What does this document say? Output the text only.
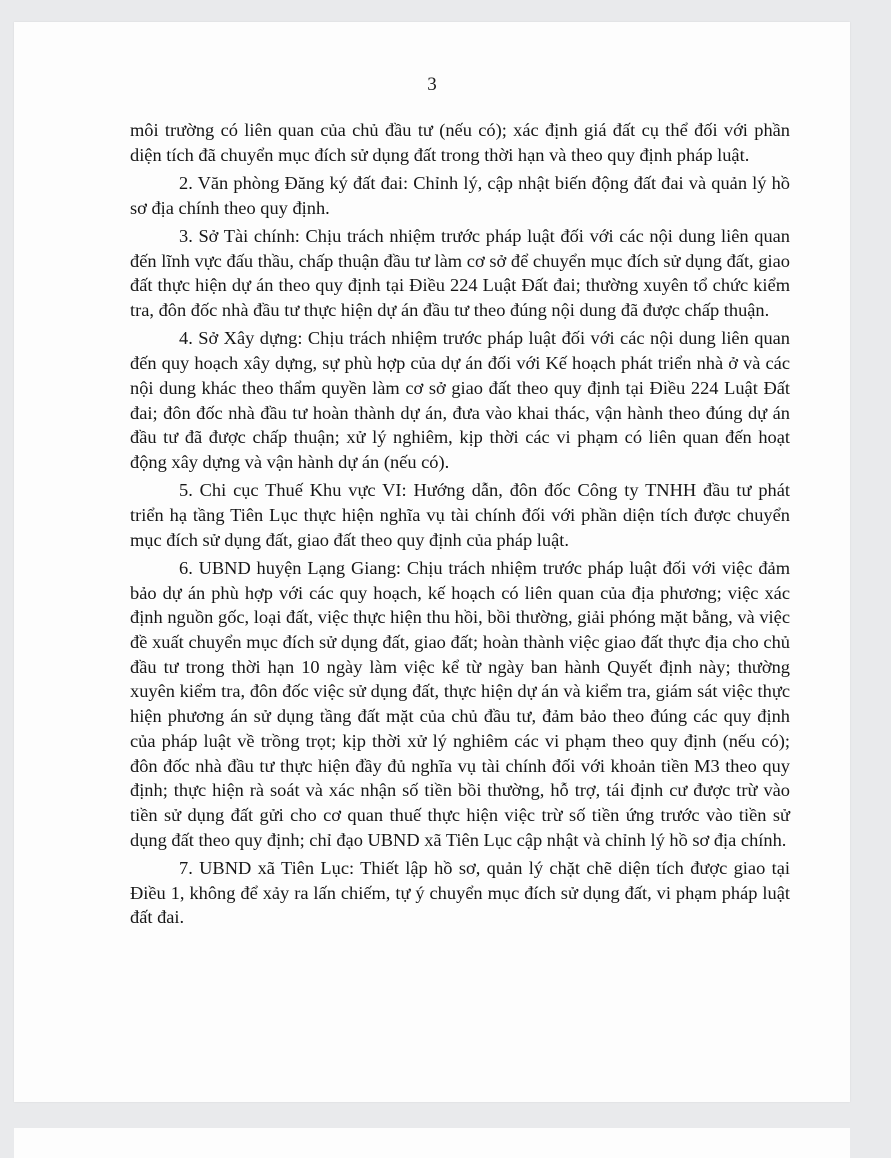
3

môi trường có liên quan của chủ đầu tư (nếu có); xác định giá đất cụ thể đối với phần diện tích đã chuyển mục đích sử dụng đất trong thời hạn và theo quy định pháp luật.

2. Văn phòng Đăng ký đất đai: Chỉnh lý, cập nhật biến động đất đai và quản lý hồ sơ địa chính theo quy định.

3. Sở Tài chính: Chịu trách nhiệm trước pháp luật đối với các nội dung liên quan đến lĩnh vực đấu thầu, chấp thuận đầu tư làm cơ sở để chuyển mục đích sử dụng đất, giao đất thực hiện dự án theo quy định tại Điều 224 Luật Đất đai; thường xuyên tổ chức kiểm tra, đôn đốc nhà đầu tư thực hiện dự án đầu tư theo đúng nội dung đã được chấp thuận.

4. Sở Xây dựng: Chịu trách nhiệm trước pháp luật đối với các nội dung liên quan đến quy hoạch xây dựng, sự phù hợp của dự án đối với Kế hoạch phát triển nhà ở và các nội dung khác theo thẩm quyền làm cơ sở giao đất theo quy định tại Điều 224 Luật Đất đai; đôn đốc nhà đầu tư hoàn thành dự án, đưa vào khai thác, vận hành theo đúng dự án đầu tư đã được chấp thuận; xử lý nghiêm, kịp thời các vi phạm có liên quan đến hoạt động xây dựng và vận hành dự án (nếu có).

5. Chi cục Thuế Khu vực VI: Hướng dẫn, đôn đốc Công ty TNHH đầu tư phát triển hạ tầng Tiên Lục thực hiện nghĩa vụ tài chính đối với phần diện tích được chuyển mục đích sử dụng đất, giao đất theo quy định của pháp luật.

6. UBND huyện Lạng Giang: Chịu trách nhiệm trước pháp luật đối với việc đảm bảo dự án phù hợp với các quy hoạch, kế hoạch có liên quan của địa phương; việc xác định nguồn gốc, loại đất, việc thực hiện thu hồi, bồi thường, giải phóng mặt bằng, và việc đề xuất chuyển mục đích sử dụng đất, giao đất; hoàn thành việc giao đất thực địa cho chủ đầu tư trong thời hạn 10 ngày làm việc kể từ ngày ban hành Quyết định này; thường xuyên kiểm tra, đôn đốc việc sử dụng đất, thực hiện dự án và kiểm tra, giám sát việc thực hiện phương án sử dụng tầng đất mặt của chủ đầu tư, đảm bảo theo đúng các quy định của pháp luật về trồng trọt; kịp thời xử lý nghiêm các vi phạm theo quy định (nếu có); đôn đốc nhà đầu tư thực hiện đầy đủ nghĩa vụ tài chính đối với khoản tiền M3 theo quy định; thực hiện rà soát và xác nhận số tiền bồi thường, hỗ trợ, tái định cư được trừ vào tiền sử dụng đất gửi cho cơ quan thuế thực hiện việc trừ số tiền ứng trước vào tiền sử dụng đất theo quy định; chỉ đạo UBND xã Tiên Lục cập nhật và chỉnh lý hồ sơ địa chính.

7. UBND xã Tiên Lục: Thiết lập hồ sơ, quản lý chặt chẽ diện tích được giao tại Điều 1, không để xảy ra lấn chiếm, tự ý chuyển mục đích sử dụng đất, vi phạm pháp luật đất đai.
